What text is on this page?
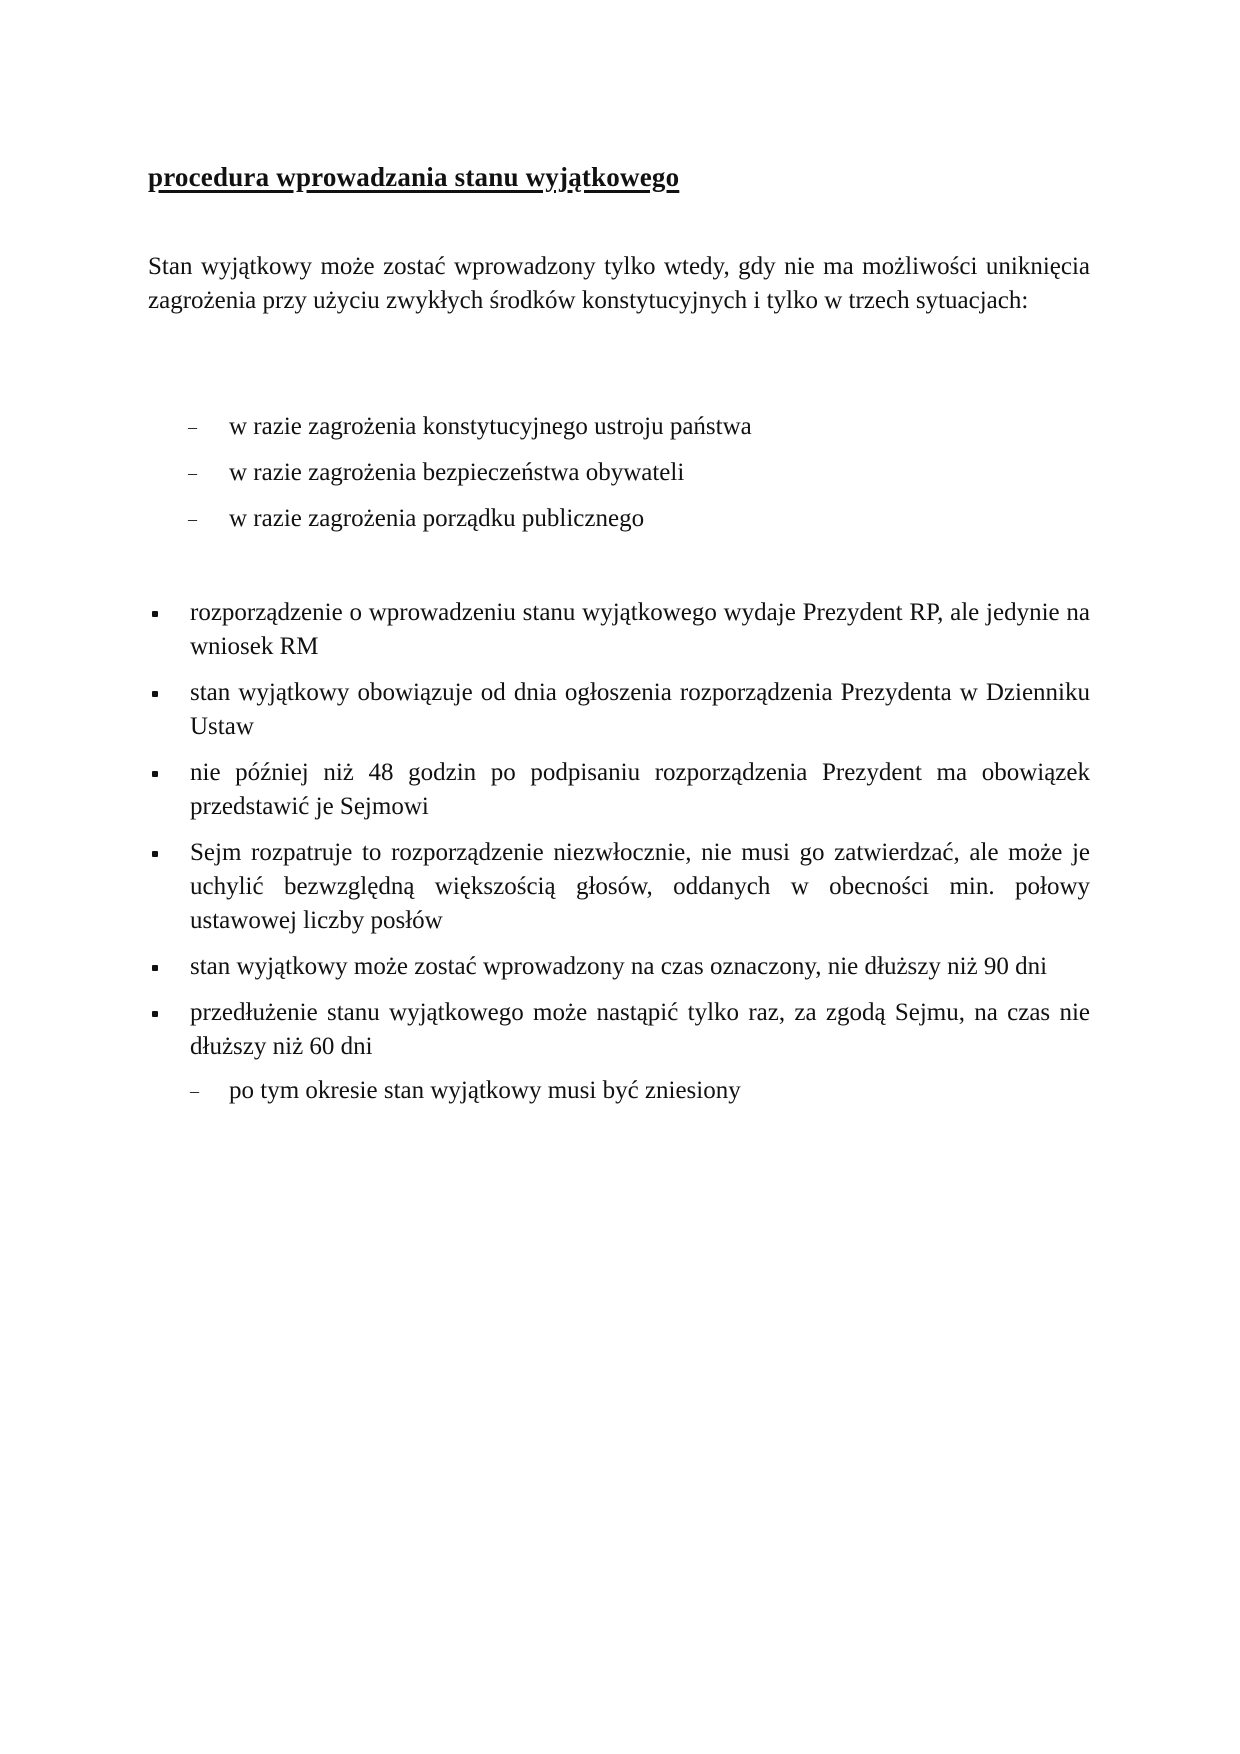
procedura wprowadzania stanu wyjątkowego

Stan wyjątkowy może zostać wprowadzony tylko wtedy, gdy nie ma możliwości uniknięcia zagrożenia przy użyciu zwykłych środków konstytucyjnych i tylko w trzech sytuacjach:

– w razie zagrożenia konstytucyjnego ustroju państwa
– w razie zagrożenia bezpieczeństwa obywateli
– w razie zagrożenia porządku publicznego
rozporządzenie o wprowadzeniu stanu wyjątkowego wydaje Prezydent RP, ale jedynie na wniosek RM
stan wyjątkowy obowiązuje od dnia ogłoszenia rozporządzenia Prezydenta w Dzienniku Ustaw
nie później niż 48 godzin po podpisaniu rozporządzenia Prezydent ma obowiązek przedstawić je Sejmowi
Sejm rozpatruje to rozporządzenie niezwłocznie, nie musi go zatwierdzać, ale może je uchylić bezwzględną większością głosów, oddanych w obecności min. połowy ustawowej liczby posłów
stan wyjątkowy może zostać wprowadzony na czas oznaczony, nie dłuższy niż 90 dni
przedłużenie stanu wyjątkowego może nastąpić tylko raz, za zgodą Sejmu, na czas nie dłuższy niż 60 dni
– po tym okresie stan wyjątkowy musi być zniesiony
